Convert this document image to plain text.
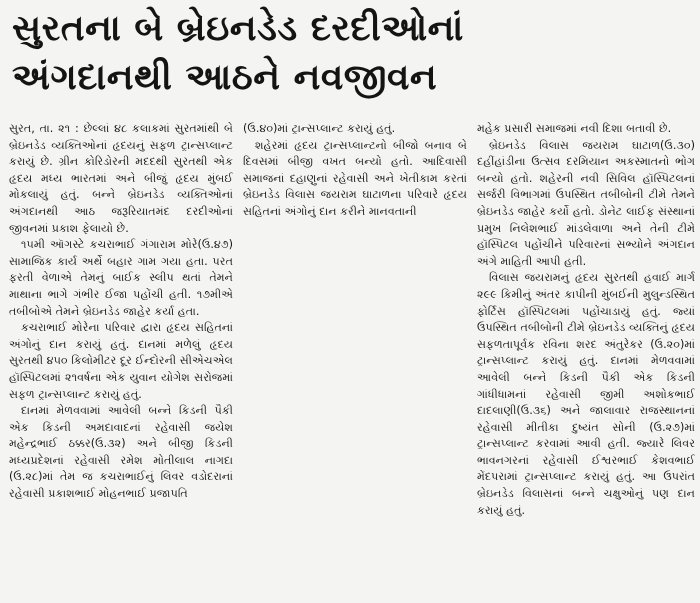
સુરતના બે બ્રેઇનડેડ દરદીઓનાં
અંગદાનથી આઠને નવજીવન

સુરત, તા. ૨૧ : છેલ્લાં ૪૮ કલાકમાં સુરતમાંથી બે બ્રેઇનડેડ વ્યક્તિઓનાં હૃદયનું સફળ ટ્રાન્સપ્લાન્ટ કરાયું છે. ગ્રીન કોરિડોરની મદદથી સુરતથી એક હૃદય મધ્ય ભારતમાં અને બીજું હૃદય મુંબઈ મોકલાયું હતું. બન્ને બ્રેઇનડેડ વ્યક્તિઓનાં અંગદાનથી આઠ જરૂરિયાતમંદ દરદીઓનાં જીવનમાં પ્રકાશ ફેલાયો છે.

૧૫મી ઑગસ્ટે કચરાભાઈ ગંગારામ મોરે(ઉ.૪૭) સામાજિક કાર્ય અર્થે બહાર ગામ ગયા હતા. પરત ફરતી વેળાએ તેમનું બાઈક સ્લીપ થતાં તેમને માથાના ભાગે ગંભીર ઈજા પહોંચી હતી. ૧૭મીએ તબીબોએ તેમને બ્રેઇનડેડ જાહેર કર્યા હતા.

કચરાભાઈ મોરેના પરિવાર દ્વારા હૃદય સહિતનાં અંગોનું દાન કરાયું હતું. દાનમાં મળેલું હૃદય સુરતથી ૪૫૦ કિલોમીટર દૂર ઈન્દોરની સીએચએલ હૉસ્પિટલમાં ૨૧વર્ષના એક યુવાન યોગેશ સરોજમાં સફળ ટ્રાન્સપ્લાન્ટ કરાયું હતું.

દાનમાં મેળવવામાં આવેલી બન્ને કિડની પૈકી એક કિડની અમદાવાદનાં રહેવાસી જયેશ મહેન્દ્રભાઈ ઠક્કર(ઉ.૩૨) અને બીજી કિડની મધ્યપ્રદેશનાં રહેવાસી રમેશ મોતીલાલ નાગદા (ઉ.૨૮)માં તેમ જ કચરાભાઈનું લિવર વડોદરાનાં રહેવાસી પ્રકાશભાઈ મોહનભાઈ પ્રજાપતિ

(ઉ.૪૦)માં ટ્રાન્સપ્લાન્ટ કરાયું હતું.

શહેરમાં હૃદય ટ્રાન્સપ્લાન્ટનો બીજો બનાવ બે દિવસમાં બીજી વખત બન્યો હતો. આદિવાસી સમાજનાં દહાણુનાં રહેવાસી અને ખેતીકામ કરતાં બ્રેઇનડેડ વિલાસ જયરામ ઘાટાળના પરિવારે હૃદય સહિતનાં અંગોનું દાન કરીને માનવતાની

મહેક પ્રસારી સમાજમાં નવી દિશા બતાવી છે.

બ્રેઇનડેડ વિલાસ જયરામ ઘાટાળ(ઉ.૩૦) દહીંહાંડીના ઉત્સવ દરમિયાન અકસ્માતનો ભોગ બન્યો હતો. શહેરની નવી સિવિલ હૉસ્પિટલનાં સર્જરી વિભાગમાં ઉપસ્થિત તબીબોની ટીમે તેમને બ્રેઇનડેડ જાહેર કર્યો હતો. ડોનેટ લાઈફ સંસ્થાનાં પ્રમુખ નિલેશભાઈ માંડલેવાળા અને તેની ટીમે હૉસ્પિટલ પહોંચીને પરિવારનાં સભ્યોને અંગદાન અંગે માહિતી આપી હતી.

વિલાસ જયરામનું હૃદય સુરતથી હવાઈ માર્ગ ૨૯૯ કિમીનું અંતર કાપીની મુંબઈની મુલુન્ડસ્થિત ફોર્ટિસ હૉસ્પિટલમાં પહોંચાડાયું હતું. જ્યાં ઉપસ્થિત તબીબોની ટીમે બ્રેઇનડેડ વ્યક્તિનું હૃદય સફળતાપૂર્વક રવિના શરદ અંતુરેકર (ઉ.૨૦)માં ટ્રાન્સપ્લાન્ટ કરાયું હતું. દાનમાં મેળવવામાં આવેલી બન્ને કિડની પૈકી એક કિડની ગાંધીધામનાં રહેવાસી જીમી અશોકભાઈ દાદલાણી(ઉ.૩૬) અને જાલાવાર રાજસ્થાનનાં રહેવાસી મીતીકા દુષ્યંત સોની (ઉ.૨૭)માં ટ્રાન્સપ્લાન્ટ કરવામાં આવી હતી. જ્યારે લિવર ભાવનગરનાં રહેવાસી ઈશ્વરભાઈ કેશવભાઈ મેંદપરામાં ટ્રાન્સપ્લાન્ટ કરાયું હતું. આ ઉપરાંત બ્રેઇનડેડ વિલાસનાં બન્ને ચક્ષુઓનું પણ દાન કરાયું હતું.
